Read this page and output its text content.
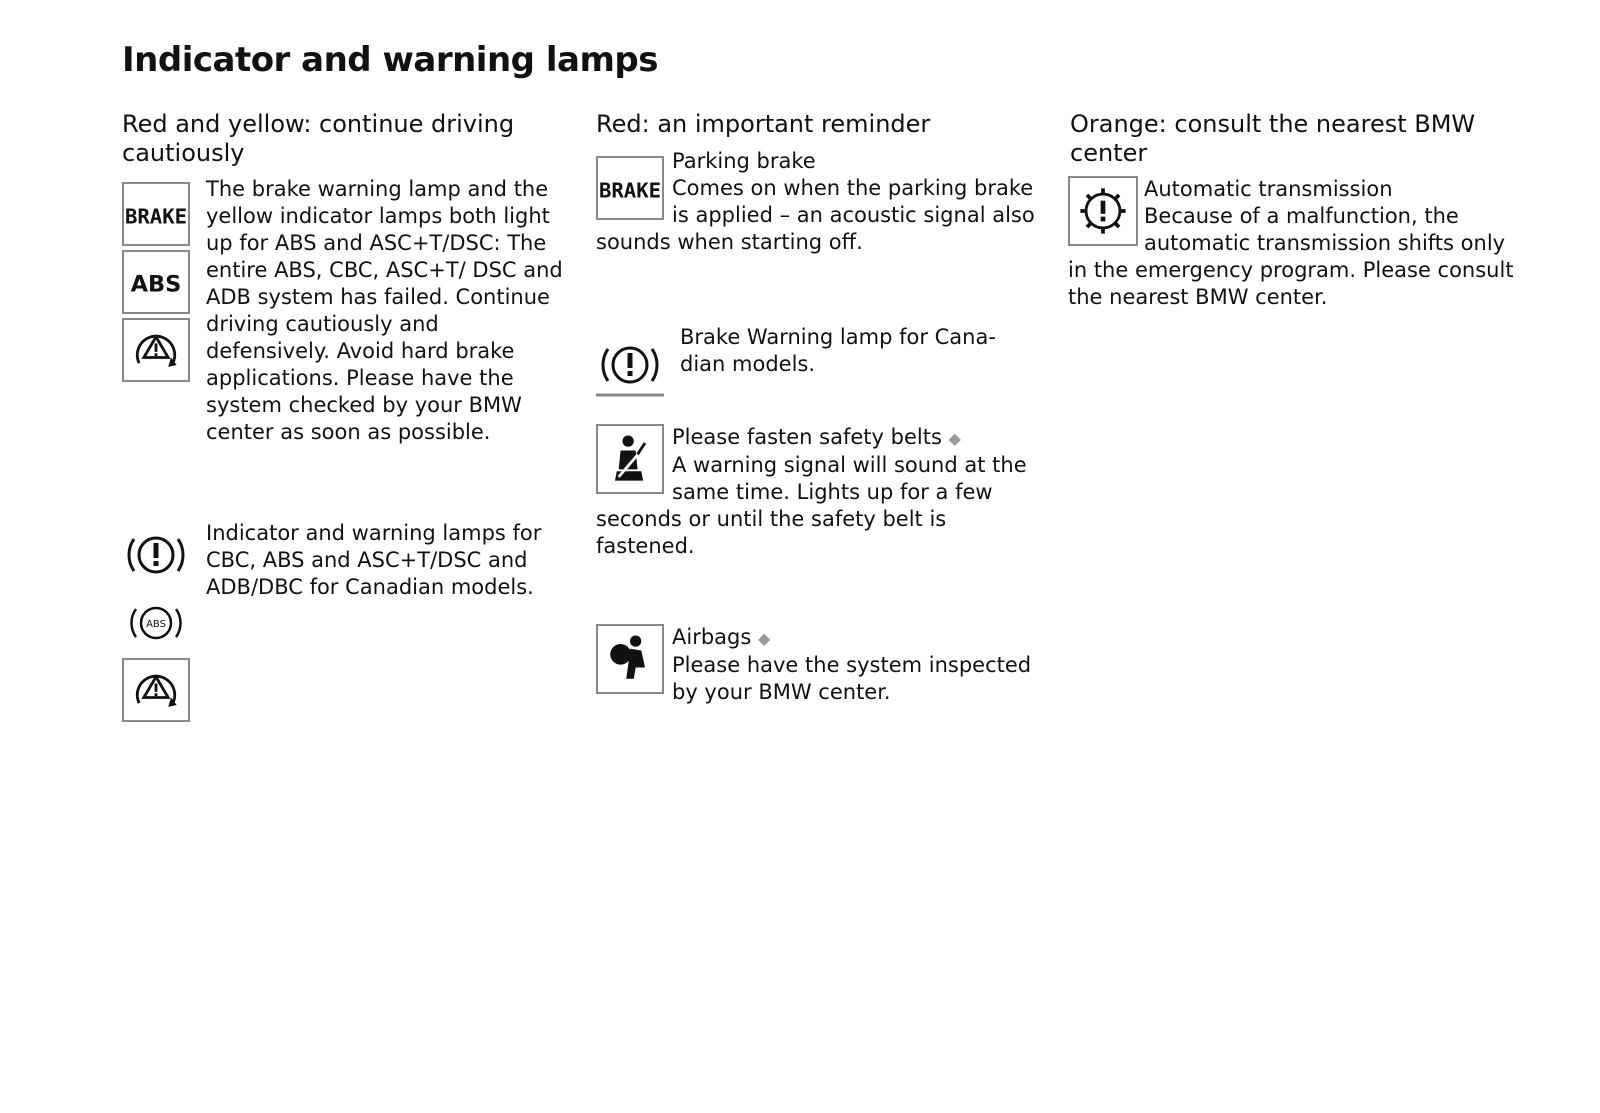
Indicator and warning lamps
Red and yellow: continue driving cautiously
BRAKE
ABS

The brake warning lamp and the yellow indicator lamps both light up for ABS and ASC+T/DSC: The entire ABS, CBC, ASC+T/ DSC and ADB system has failed. Continue driving cautiously and defensively. Avoid hard brake applications. Please have the system checked by your BMW center as soon as possible.

ABS

Indicator and warning lamps for CBC, ABS and ASC+T/DSC and ADB/DBC for Canadian models.

Red: an important reminder
BRAKE
Parking brake
Comes on when the parking brake is applied – an acoustic signal also sounds when starting off.

Brake Warning lamp for Cana-dian models.

Please fasten safety belts ◆
A warning signal will sound at the same time. Lights up for a few seconds or until the safety belt is fastened.
Airbags ◆
Please have the system inspected by your BMW center.
Orange: consult the nearest BMW center
Automatic transmission
Because of a malfunction, the automatic transmission shifts only in the emergency program. Please consult the nearest BMW center.
